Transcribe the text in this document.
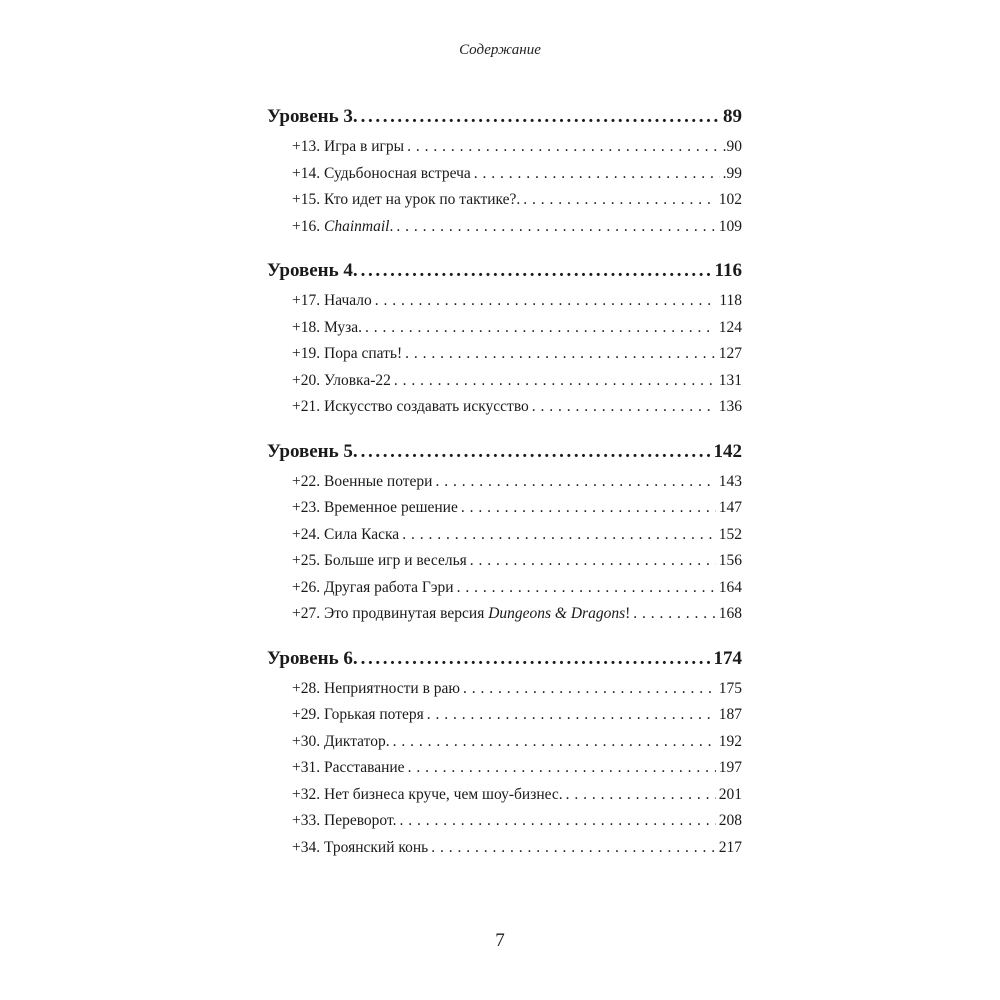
Содержание
Уровень 3. .....	89
+13. Игра в игры . . .	.90
+14. Судьбоносная встреча . . .	.99
+15. Кто идет на урок по тактике?. . . .	102
+16. Chainmail. . . .	109
Уровень 4. .....	116
+17. Начало . . .	118
+18. Муза. . . .	124
+19. Пора спать! . . .	127
+20. Уловка-22 . . .	131
+21. Искусство создавать искусство . . .	136
Уровень 5. .....	142
+22. Военные потери . . .	143
+23. Временное решение . . .	147
+24. Сила Каска . . .	152
+25. Больше игр и веселья . . .	156
+26. Другая работа Гэри . . .	164
+27. Это продвинутая версия Dungeons & Dragons! . . .	168
Уровень 6. .....	174
+28. Неприятности в раю . . .	175
+29. Горькая потеря . . .	187
+30. Диктатор. . . .	192
+31. Расставание . . .	197
+32. Нет бизнеса круче, чем шоу-бизнес. . . .	201
+33. Переворот. . . .	208
+34. Троянский конь . . .	217
7
